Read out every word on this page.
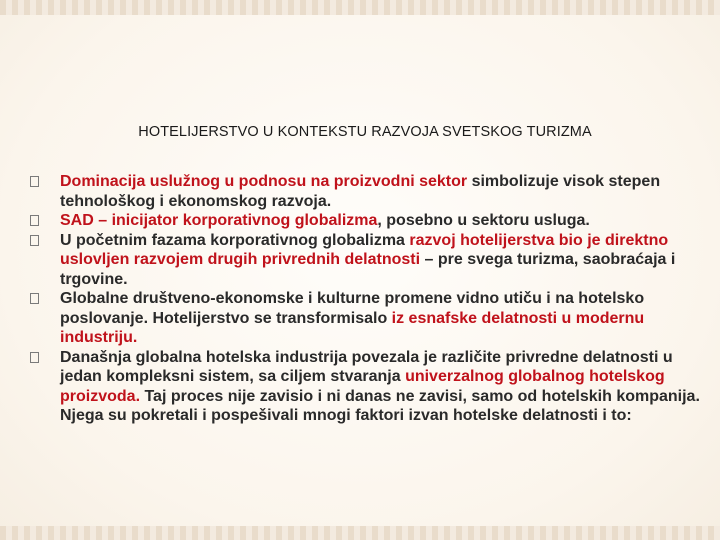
HOTELIJERSTVO U KONTEKSTU RAZVOJA SVETSKOG TURIZMA
Dominacija uslužnog u podnosu na proizvodni sektor simbolizuje visok stepen tehnološkog i ekonomskog razvoja.
SAD – inicijator korporativnog globalizma, posebno u sektoru usluga.
U početnim fazama korporativnog globalizma razvoj hotelijerstva bio je direktno uslovljen razvojem drugih privrednih delatnosti – pre svega turizma, saobraćaja i trgovine.
Globalne društveno-ekonomske i kulturne promene vidno utiču i na hotelsko poslovanje. Hotelijerstvo se transformisalo iz esnafske delatnosti u modernu industriju.
Današnja globalna hotelska industrija povezala je različite privredne delatnosti u jedan kompleksni sistem, sa ciljem stvaranja univerzalnog globalnog hotelskog proizvoda. Taj proces nije zavisio i ni danas ne zavisi, samo od hotelskih kompanija. Njega su pokretali i pospešivali mnogi faktori izvan hotelske delatnosti i to:
